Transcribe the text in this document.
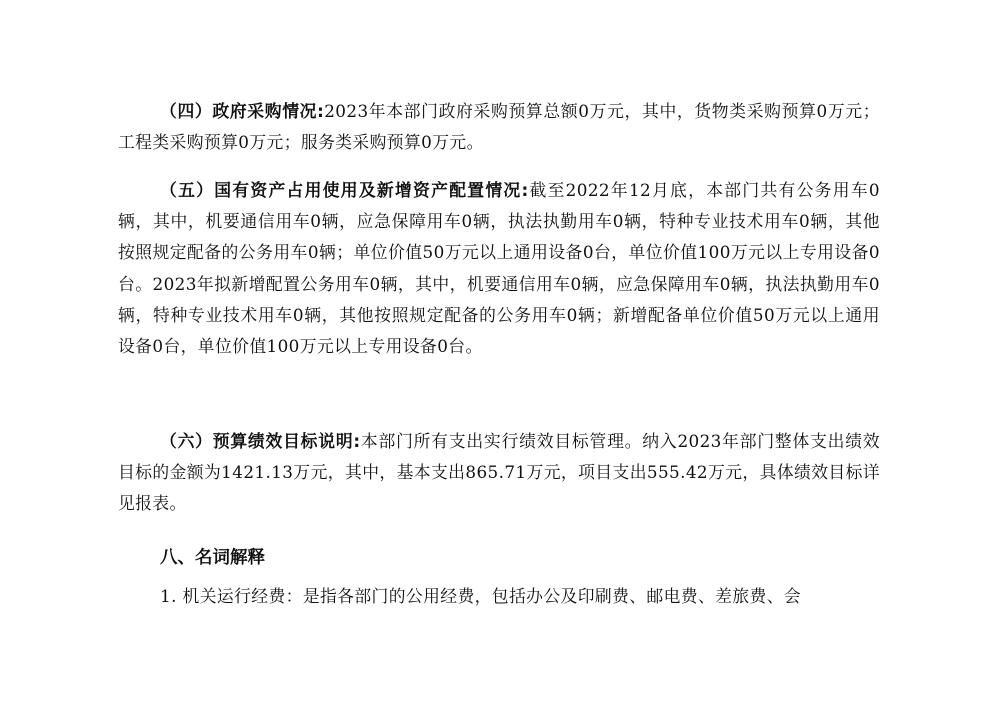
（四）政府采购情况:2023年本部门政府采购预算总额0万元，其中，货物类采购预算0万元；工程类采购预算0万元；服务类采购预算0万元。

（五）国有资产占用使用及新增资产配置情况:截至2022年12月底，本部门共有公务用车0辆，其中，机要通信用车0辆，应急保障用车0辆，执法执勤用车0辆，特种专业技术用车0辆，其他按照规定配备的公务用车0辆；单位价值50万元以上通用设备0台，单位价值100万元以上专用设备0台。2023年拟新增配置公务用车0辆，其中，机要通信用车0辆，应急保障用车0辆，执法执勤用车0辆，特种专业技术用车0辆，其他按照规定配备的公务用车0辆；新增配备单位价值50万元以上通用设备0台，单位价值100万元以上专用设备0台。

（六）预算绩效目标说明:本部门所有支出实行绩效目标管理。纳入2023年部门整体支出绩效目标的金额为1421.13万元，其中，基本支出865.71万元，项目支出555.42万元，具体绩效目标详见报表。

八、名词解释

1. 机关运行经费：是指各部门的公用经费，包括办公及印刷费、邮电费、差旅费、会
